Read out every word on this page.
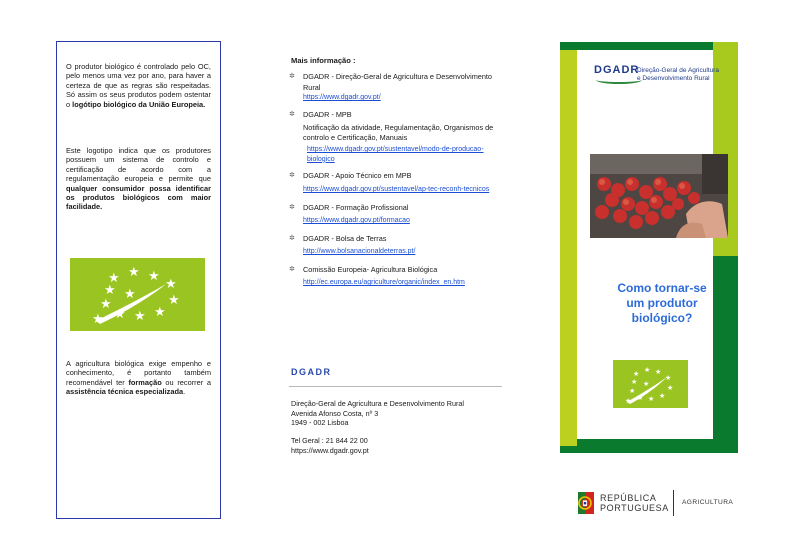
O produtor biológico é controlado pelo OC, pelo menos uma vez por ano, para haver a certeza de que as regras são respeitadas. Só assim os seus produtos podem ostentar o logótipo biológico da União Europeia.

Este logotipo indica que os produtores possuem um sistema de controlo e certificação de acordo com a regulamentação europeia e permite que qualquer consumidor possa identificar os produtos biológicos com maior facilidade.

★ ★ ★
★
★
★
★
★
★
★
★ ★

A agricultura biológica exige empenho e conhecimento, é portanto também recomendável ter formação ou recorrer a assistência técnica especializada.

Mais informação :
✲ DGADR - Direção-Geral de Agricultura e Desenvolvimento Rural
https://www.dgadr.gov.pt/
✲ DGADR - MPB
Notificação da atividade, Regulamentação, Organismos de controlo e Certificação, Manuais
https://www.dgadr.gov.pt/sustentavel/modo-de-producao-biologico
✲ DGADR - Apoio Técnico em MPB
https://www.dgadr.gov.pt/sustentavel/ap-tec-reconh-tecnicos
✲ DGADR - Formação Profissional
https://www.dgadr.gov.pt/formacao
✲ DGADR - Bolsa de Terras
http://www.bolsanacionaldeterras.pt/
✲ Comissão Europeia- Agricultura Biológica
http://ec.europa.eu/agriculture/organic/index_en.htm
DGADR
Direção-Geral de Agricultura e Desenvolvimento Rural
Avenida Afonso Costa, nº 3
1949 - 002 Lisboa
Tel Geral : 21 844 22 00
https://www.dgadr.gov.pt
DGADR
Direção-Geral de Agricultura
e Desenvolvimento Rural
Como tornar-se
um produtor
biológico?
★ ★ ★
★
★
★
★
★
★
★
★ ★
REPÚBLICA
PORTUGUESA
AGRICULTURA
